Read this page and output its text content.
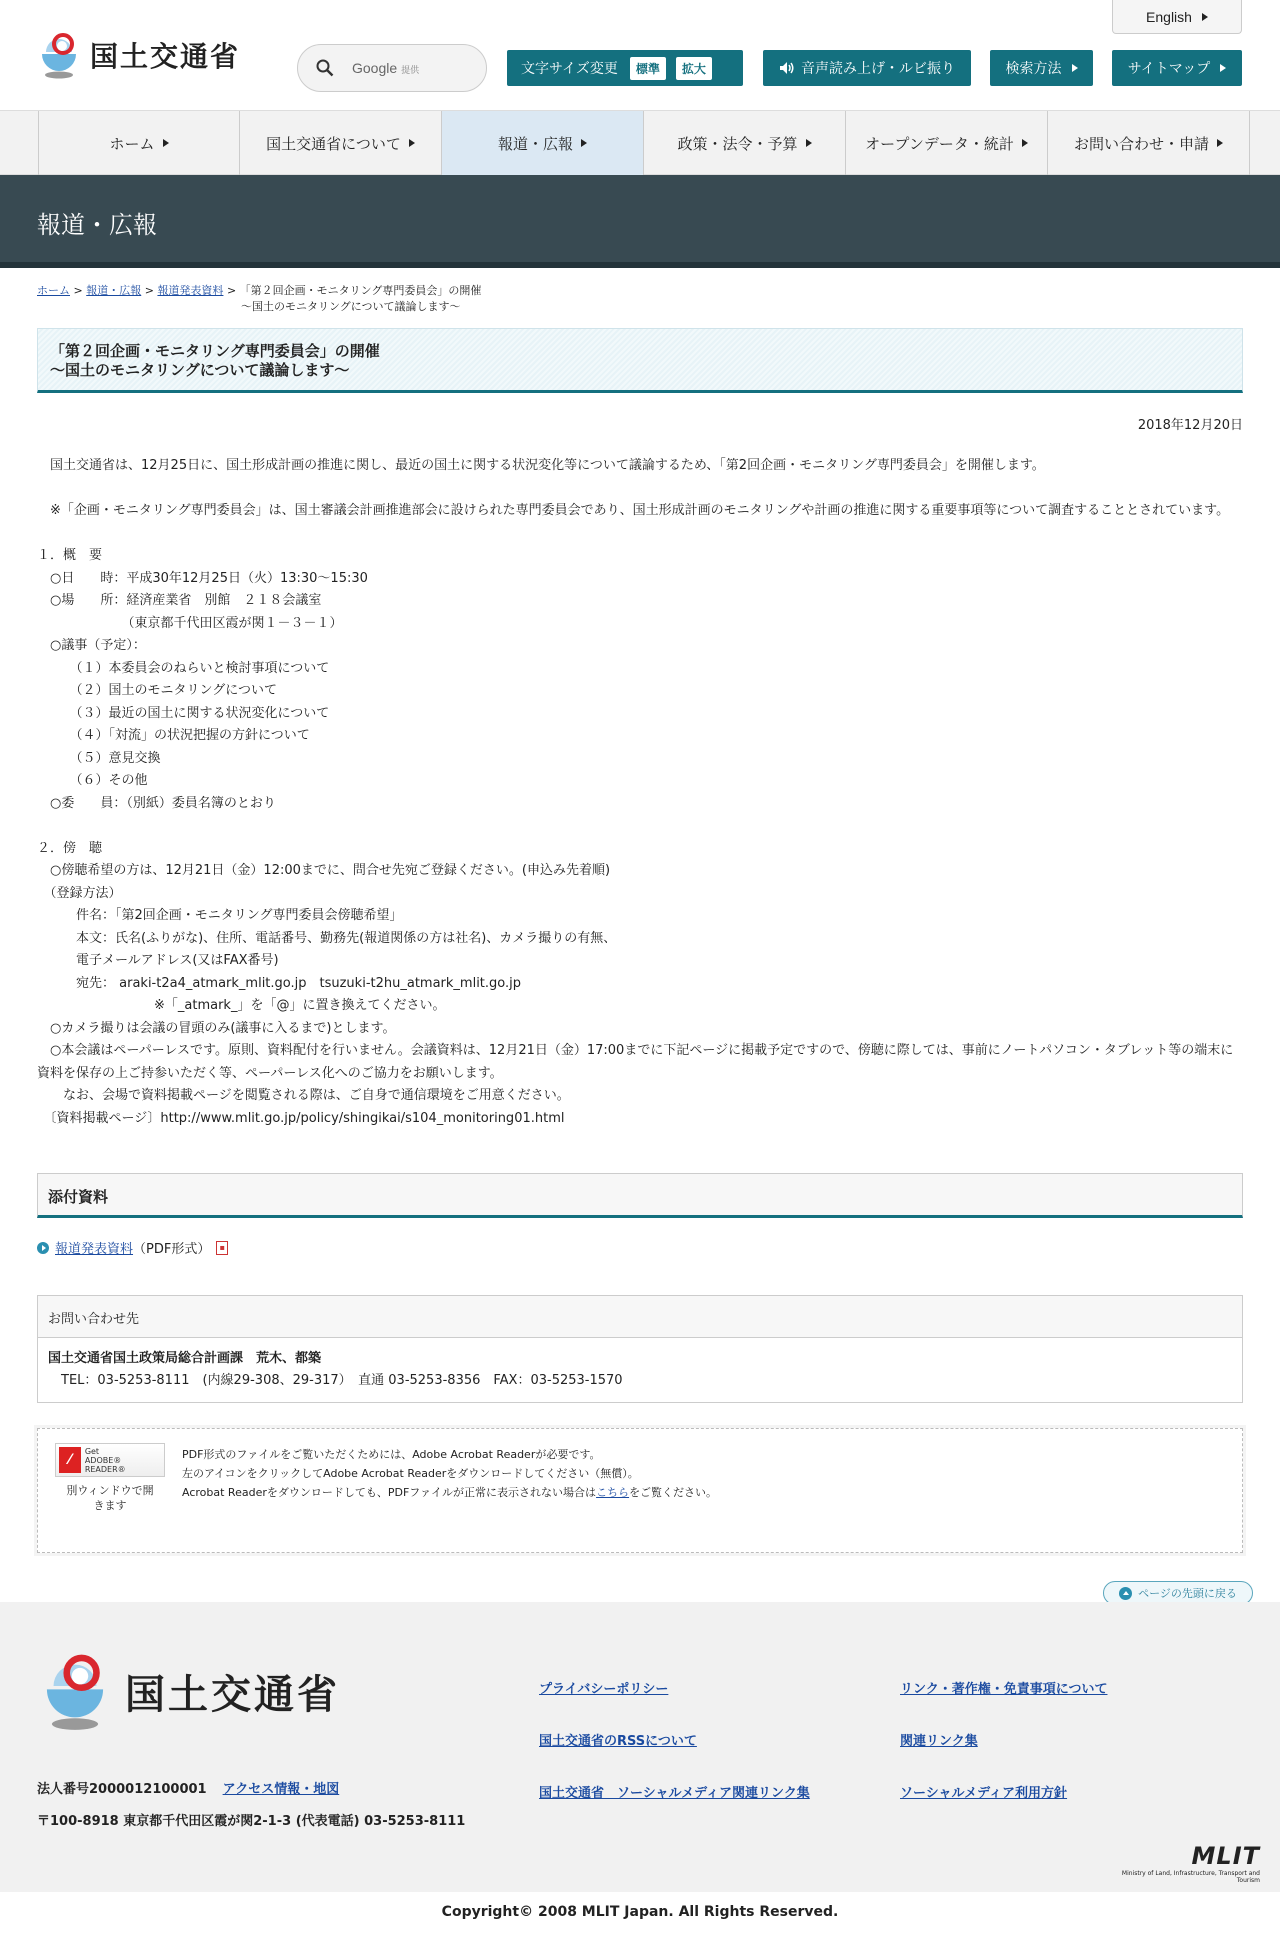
国土交通省
English
Google 提供	文字サイズ変更	標準	拡大	音声読み上げ・ルビ振り	検索方法	サイトマップ
ホーム	国土交通省について	報道・広報	政策・法令・予算	オープンデータ・統計	お問い合わせ・申請
報道・広報
ホーム > 報道・広報 > 報道発表資料 > 「第２回企画・モニタリング専門委員会」の開催
～国土のモニタリングについて議論します～
「第２回企画・モニタリング専門委員会」の開催
～国土のモニタリングについて議論します～
2018年12月20日

　国土交通省は、12月25日に、国土形成計画の推進に関し、最近の国土に関する状況変化等について議論するため、「第2回企画・モニタリング専門委員会」を開催します。

　※「企画・モニタリング専門委員会」は、国土審議会計画推進部会に設けられた専門委員会であり、国土形成計画のモニタリングや計画の推進に関する重要事項等について調査することとされています。

１．概　要

　○日　　時：平成30年12月25日（火）13:30～15:30

　○場　　所：経済産業省　別館　２１８会議室

　　　　　　　（東京都千代田区霞が関１－３－１）

　○議事（予定）：

　　　（１）本委員会のねらいと検討事項について

　　　（２）国土のモニタリングについて

　　　（３）最近の国土に関する状況変化について

　　　（４）「対流」の状況把握の方針について

　　　（５）意見交換

　　　（６）その他

　○委　　員：（別紙）委員名簿のとおり

２．傍　聴

　○傍聴希望の方は、12月21日（金）12:00までに、問合せ先宛ご登録ください。(申込み先着順)

　（登録方法）

　　　件名：「第2回企画・モニタリング専門委員会傍聴希望」

　　　本文：氏名(ふりがな)、住所、電話番号、勤務先(報道関係の方は社名)、カメラ撮りの有無、

　　　電子メールアドレス(又はFAX番号)

　　　宛先： araki-t2a4_atmark_mlit.go.jp　tsuzuki-t2hu_atmark_mlit.go.jp

　　　　　　　　　※「_atmark_」を「@」に置き換えてください。

　○カメラ撮りは会議の冒頭のみ(議事に入るまで)とします。

　○本会議はペーパーレスです。原則、資料配付を行いません。会議資料は、12月21日（金）17:00までに下記ページに掲載予定ですので、傍聴に際しては、事前にノートパソコン・タブレット等の端末に資料を保存の上ご持参いただく等、ペーパーレス化へのご協力をお願いします。

　　なお、会場で資料掲載ページを閲覧される際は、ご自身で通信環境をご用意ください。

　〔資料掲載ページ〕http://www.mlit.go.jp/policy/shingikai/s104_monitoring01.html

添付資料
報道発表資料 （PDF形式）	▪
お問い合わせ先
国土交通省国土政策局総合計画課　荒木、都築
　TEL：03-5253-8111　(内線29-308、29-317）　直通 03-5253-8356　FAX：03-5253-1570
⁄
Get
ADOBE® READER®
別ウィンドウで開きます
PDF形式のファイルをご覧いただくためには、Adobe Acrobat Readerが必要です。
左のアイコンをクリックしてAdobe Acrobat Readerをダウンロードしてください（無償）。
Acrobat Readerをダウンロードしても、PDFファイルが正常に表示されない場合はこちらをご覧ください。
ページの先頭に戻る
国土交通省
法人番号2000012100001 アクセス情報・地図
〒100-8918 東京都千代田区霞が関2-1-3 (代表電話) 03-5253-8111
プライバシーポリシー
国土交通省のRSSについて
国土交通省　ソーシャルメディア関連リンク集
リンク・著作権・免責事項について
関連リンク集
ソーシャルメディア利用方針
MLIT
Ministry of Land, Infrastructure, Transport and Tourism
Copyright© 2008 MLIT Japan. All Rights Reserved.
